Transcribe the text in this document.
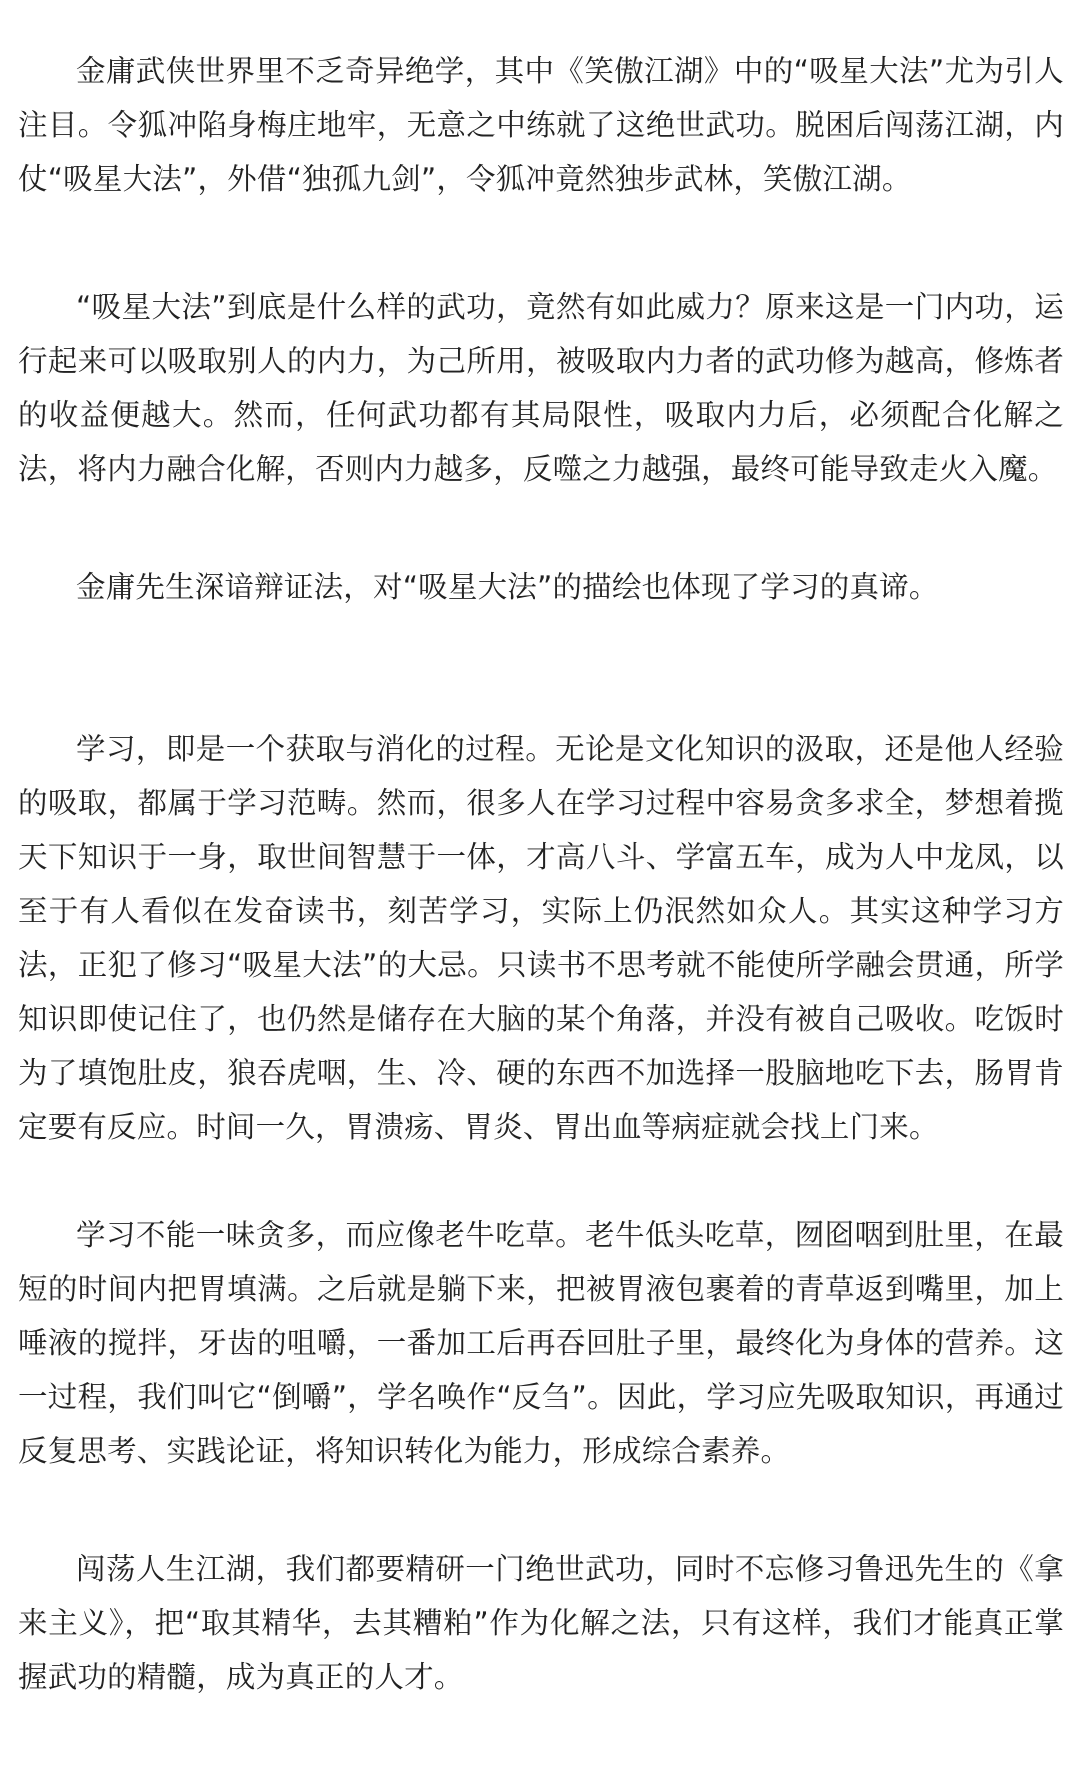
金庸武侠世界里不乏奇异绝学，其中《笑傲江湖》中的“吸星大法”尤为引人注目。令狐冲陷身梅庄地牢，无意之中练就了这绝世武功。脱困后闯荡江湖，内仗“吸星大法”，外借“独孤九剑”，令狐冲竟然独步武林，笑傲江湖。

“吸星大法”到底是什么样的武功，竟然有如此威力？原来这是一门内功，运行起来可以吸取别人的内力，为己所用，被吸取内力者的武功修为越高，修炼者的收益便越大。然而，任何武功都有其局限性，吸取内力后，必须配合化解之法，将内力融合化解，否则内力越多，反噬之力越强，最终可能导致走火入魔。

金庸先生深谙辩证法，对“吸星大法”的描绘也体现了学习的真谛。

学习，即是一个获取与消化的过程。无论是文化知识的汲取，还是他人经验的吸取，都属于学习范畴。然而，很多人在学习过程中容易贪多求全，梦想着揽天下知识于一身，取世间智慧于一体，才高八斗、学富五车，成为人中龙凤，以至于有人看似在发奋读书，刻苦学习，实际上仍泯然如众人。其实这种学习方法，正犯了修习“吸星大法”的大忌。只读书不思考就不能使所学融会贯通，所学知识即使记住了，也仍然是储存在大脑的某个角落，并没有被自己吸收。吃饭时为了填饱肚皮，狼吞虎咽，生、冷、硬的东西不加选择一股脑地吃下去，肠胃肯定要有反应。时间一久，胃溃疡、胃炎、胃出血等病症就会找上门来。

学习不能一味贪多，而应像老牛吃草。老牛低头吃草，囫囵咽到肚里，在最短的时间内把胃填满。之后就是躺下来，把被胃液包裹着的青草返到嘴里，加上唾液的搅拌，牙齿的咀嚼，一番加工后再吞回肚子里，最终化为身体的营养。这一过程，我们叫它“倒嚼”，学名唤作“反刍”。因此，学习应先吸取知识，再通过反复思考、实践论证，将知识转化为能力，形成综合素养。

闯荡人生江湖，我们都要精研一门绝世武功，同时不忘修习鲁迅先生的《拿来主义》，把“取其精华，去其糟粕”作为化解之法，只有这样，我们才能真正掌握武功的精髓，成为真正的人才。
